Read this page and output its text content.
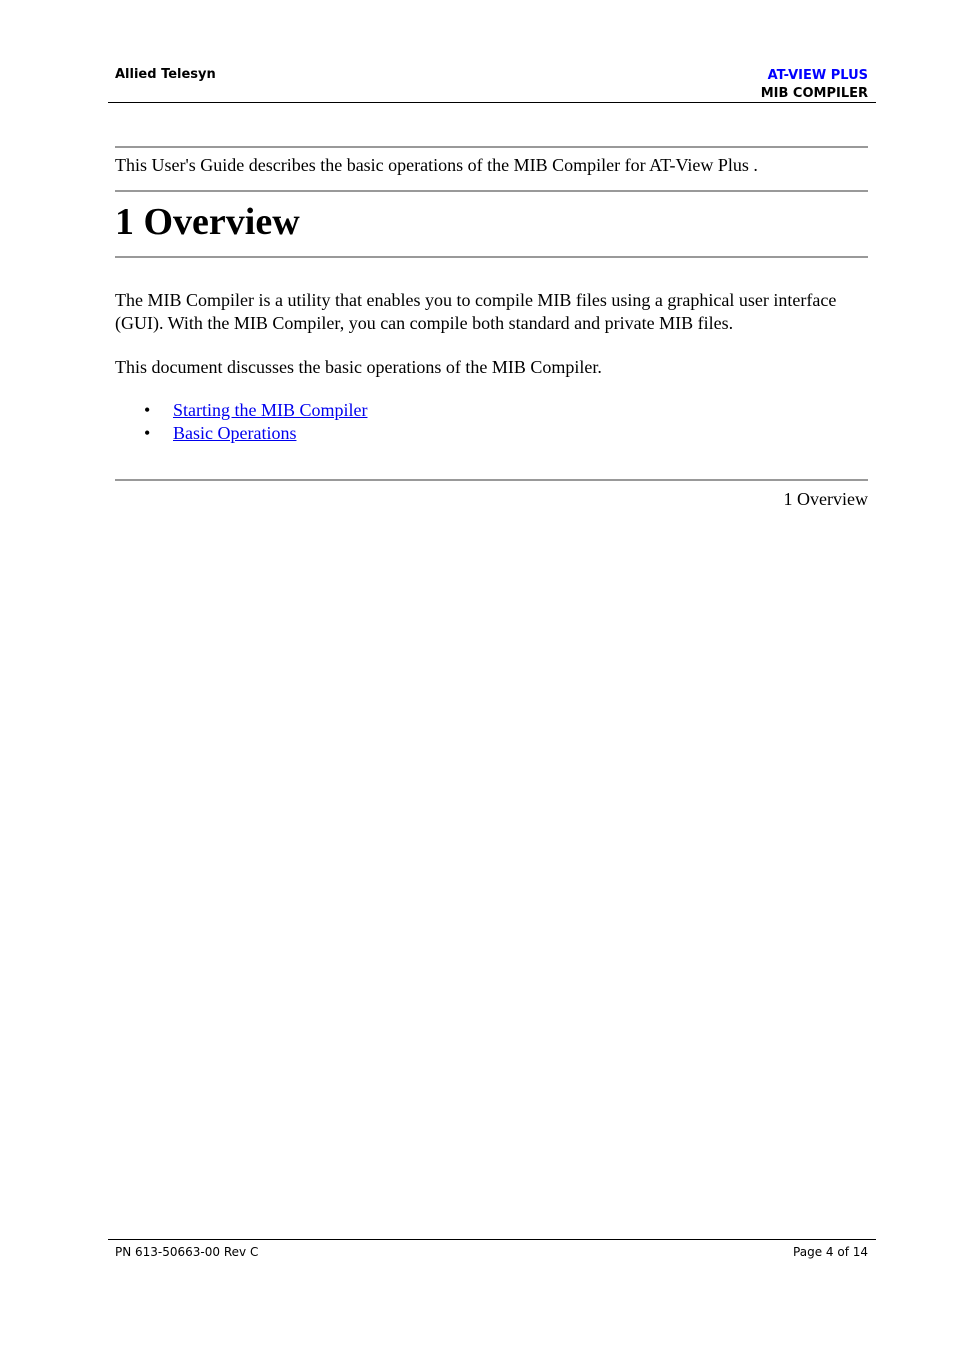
Allied Telesyn	AT-VIEW PLUS
MIB COMPILER
This User's Guide describes the basic operations of the MIB Compiler for AT-View Plus .
1 Overview

The MIB Compiler is a utility that enables you to compile MIB files using a graphical user interface (GUI). With the MIB Compiler, you can compile both standard and private MIB files.

This document discusses the basic operations of the MIB Compiler.

• Starting the MIB Compiler
• Basic Operations
1 Overview
PN 613-50663-00 Rev C	Page 4 of 14
